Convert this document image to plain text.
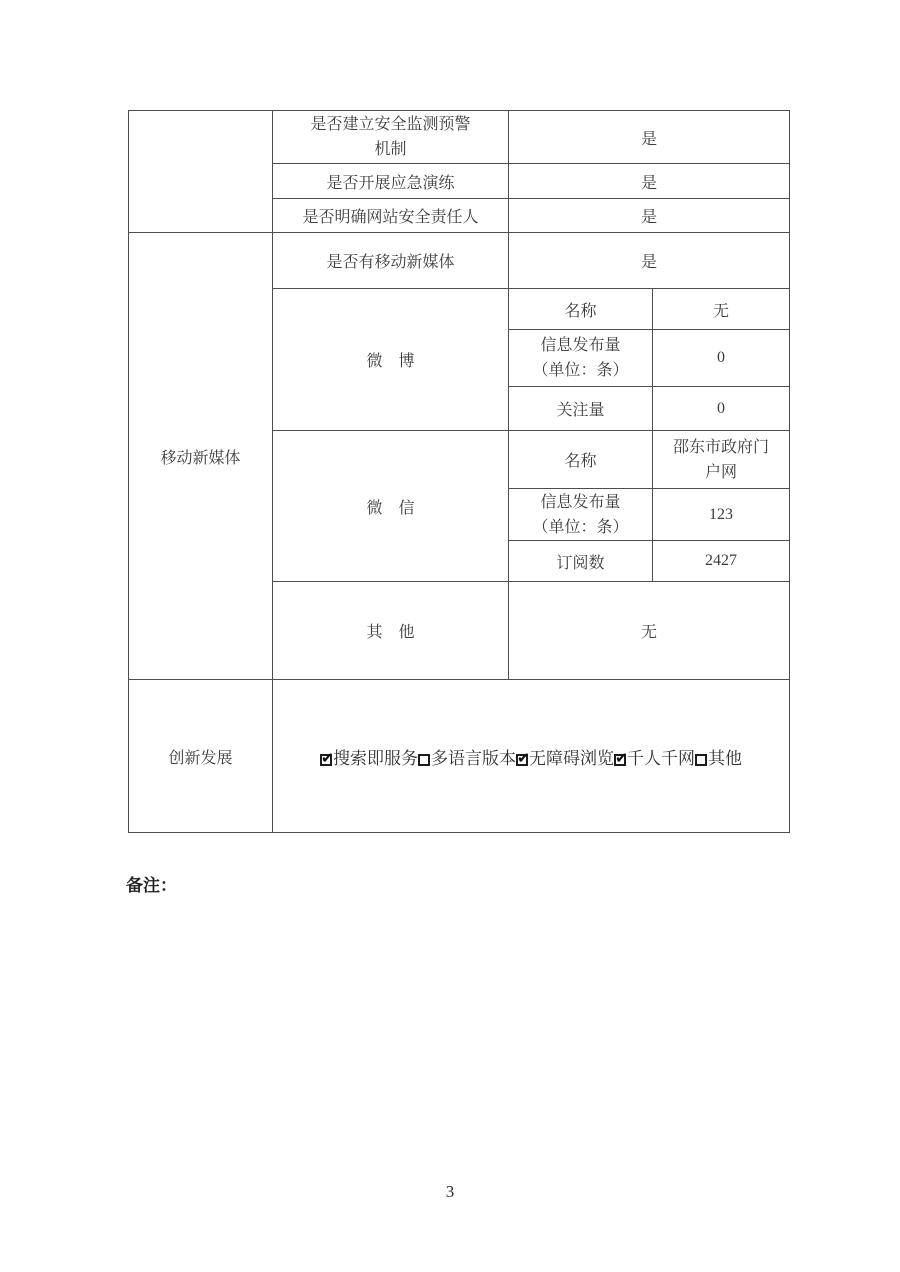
	是否建立安全监测预警
机制	是	
	是否开展应急演练	是	
	是否明确网站安全责任人	是	
移动新媒体	是否有移动新媒体	是	
	微　博	名称	无

		信息发布量
（单位：条）	0
		关注量	0
	微　信	名称	邵东市政府门
户网

		信息发布量
（单位：条）	123
		订阅数	2427
	其　他	无	
创新发展	✔搜索即服务 多语言版本 ✔ 无障碍浏览 ✔ 千人千网 其他
备注：
3
